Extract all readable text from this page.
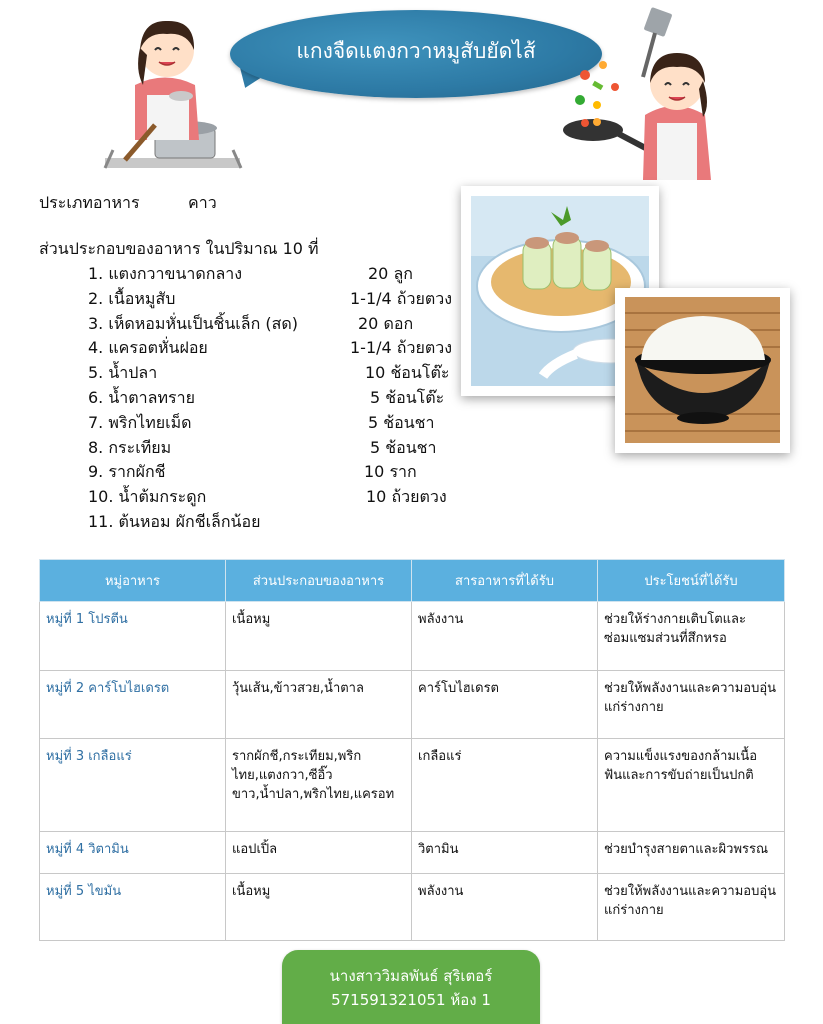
แกงจืดแตงกวาหมูสับยัดไส้
ประเภทอาหาร	คาว
ส่วนประกอบของอาหาร ในปริมาณ 10 ที่
1. แตงกวาขนาดกลาง	20 ลูก
2. เนื้อหมูสับ	1-1/4 ถ้วยตวง
3. เห็ดหอมหั่นเป็นชิ้นเล็ก (สด)	20 ดอก
4. แครอตหั่นฝอย	1-1/4 ถ้วยตวง
5. น้ำปลา	10 ช้อนโต๊ะ
6. น้ำตาลทราย	5 ช้อนโต๊ะ
7. พริกไทยเม็ด	5 ช้อนชา
8. กระเทียม	5 ช้อนชา
9. รากผักชี	10 ราก
10. น้ำต้มกระดูก	10 ถ้วยตวง
11. ต้นหอม ผักชีเล็กน้อย
หมู่อาหาร	ส่วนประกอบของอาหาร	สารอาหารที่ได้รับ	ประโยชน์ที่ได้รับ
หมู่ที่ 1 โปรตีน	เนื้อหมู	พลังงาน	ช่วยให้ร่างกายเติบโตและซ่อมแซมส่วนที่สึกหรอ
หมู่ที่ 2 คาร์โบไฮเดรต	วุ้นเส้น,ข้าวสวย,น้ำตาล	คาร์โบไฮเดรต	ช่วยให้พลังงานและความอบอุ่นแก่ร่างกาย
หมู่ที่ 3 เกลือแร่	รากผักชี,กระเทียม,พริกไทย,แตงกวา,ซีอิ๊วขาว,น้ำปลา,พริกไทย,แครอท	เกลือแร่	ความแข็งแรงของกล้ามเนื้อ ฟันและการขับถ่ายเป็นปกติ
หมู่ที่ 4 วิตามิน	แอปเปิ้ล	วิตามิน	ช่วยบำรุงสายตาและผิวพรรณ
หมู่ที่ 5 ไขมัน	เนื้อหมู	พลังงาน	ช่วยให้พลังงานและความอบอุ่นแก่ร่างกาย
นางสาววิมลพันธ์ สุริเตอร์
571591321051 ห้อง 1
